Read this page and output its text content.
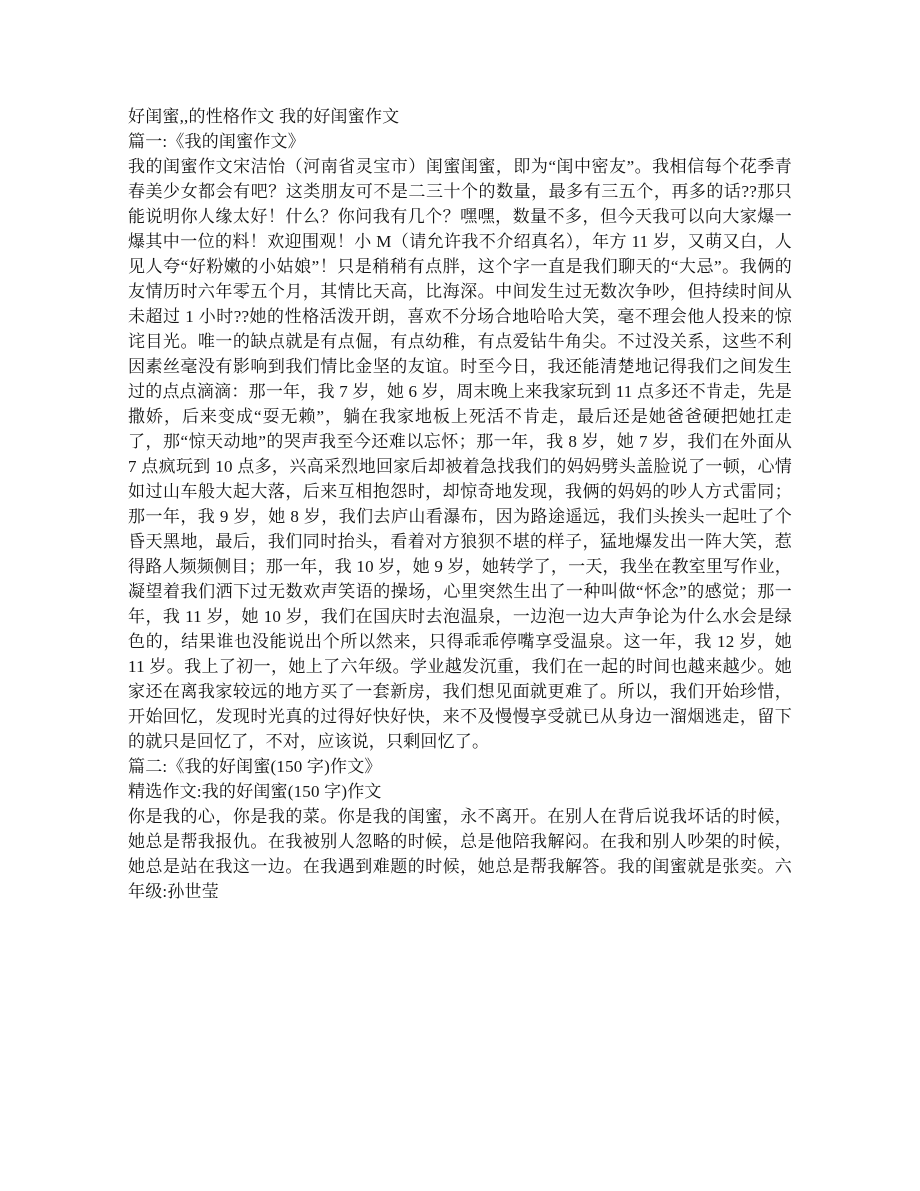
好闺蜜,,的性格作文 我的好闺蜜作文

篇一:《我的闺蜜作文》

我的闺蜜作文宋洁怡（河南省灵宝市）闺蜜闺蜜，即为“闺中密友”。我相信每个花季青春美少女都会有吧？这类朋友可不是二三十个的数量，最多有三五个，再多的话??那只能说明你人缘太好！什么？你问我有几个？嘿嘿，数量不多，但今天我可以向大家爆一爆其中一位的料！欢迎围观！小 M（请允许我不介绍真名），年方 11 岁，又萌又白，人见人夸“好粉嫩的小姑娘”！只是稍稍有点胖，这个字一直是我们聊天的“大忌”。我俩的友情历时六年零五个月，其情比天高，比海深。中间发生过无数次争吵，但持续时间从未超过 1 小时??她的性格活泼开朗，喜欢不分场合地哈哈大笑，毫不理会他人投来的惊诧目光。唯一的缺点就是有点倔，有点幼稚，有点爱钻牛角尖。不过没关系，这些不利因素丝毫没有影响到我们情比金坚的友谊。时至今日，我还能清楚地记得我们之间发生过的点点滴滴：那一年，我 7 岁，她 6 岁，周末晚上来我家玩到 11 点多还不肯走，先是撒娇，后来变成“耍无赖”，躺在我家地板上死活不肯走，最后还是她爸爸硬把她扛走了，那“惊天动地”的哭声我至今还难以忘怀；那一年，我 8 岁，她 7 岁，我们在外面从 7 点疯玩到 10 点多，兴高采烈地回家后却被着急找我们的妈妈劈头盖脸说了一顿，心情如过山车般大起大落，后来互相抱怨时，却惊奇地发现，我俩的妈妈的吵人方式雷同；那一年，我 9 岁，她 8 岁，我们去庐山看瀑布，因为路途遥远，我们头挨头一起吐了个昏天黑地，最后，我们同时抬头，看着对方狼狈不堪的样子，猛地爆发出一阵大笑，惹得路人频频侧目；那一年，我 10 岁，她 9 岁，她转学了，一天，我坐在教室里写作业，凝望着我们洒下过无数欢声笑语的操场，心里突然生出了一种叫做“怀念”的感觉；那一年，我 11 岁，她 10 岁，我们在国庆时去泡温泉，一边泡一边大声争论为什么水会是绿色的，结果谁也没能说出个所以然来，只得乖乖停嘴享受温泉。这一年，我 12 岁，她 11 岁。我上了初一，她上了六年级。学业越发沉重，我们在一起的时间也越来越少。她家还在离我家较远的地方买了一套新房，我们想见面就更难了。所以，我们开始珍惜，开始回忆，发现时光真的过得好快好快，来不及慢慢享受就已从身边一溜烟逃走，留下的就只是回忆了，不对，应该说，只剩回忆了。

篇二:《我的好闺蜜(150 字)作文》

精选作文:我的好闺蜜(150 字)作文

你是我的心，你是我的菜。你是我的闺蜜，永不离开。在别人在背后说我坏话的时候，她总是帮我报仇。在我被别人忽略的时候，总是他陪我解闷。在我和别人吵架的时候，她总是站在我这一边。在我遇到难题的时候，她总是帮我解答。我的闺蜜就是张奕。六年级:孙世莹
